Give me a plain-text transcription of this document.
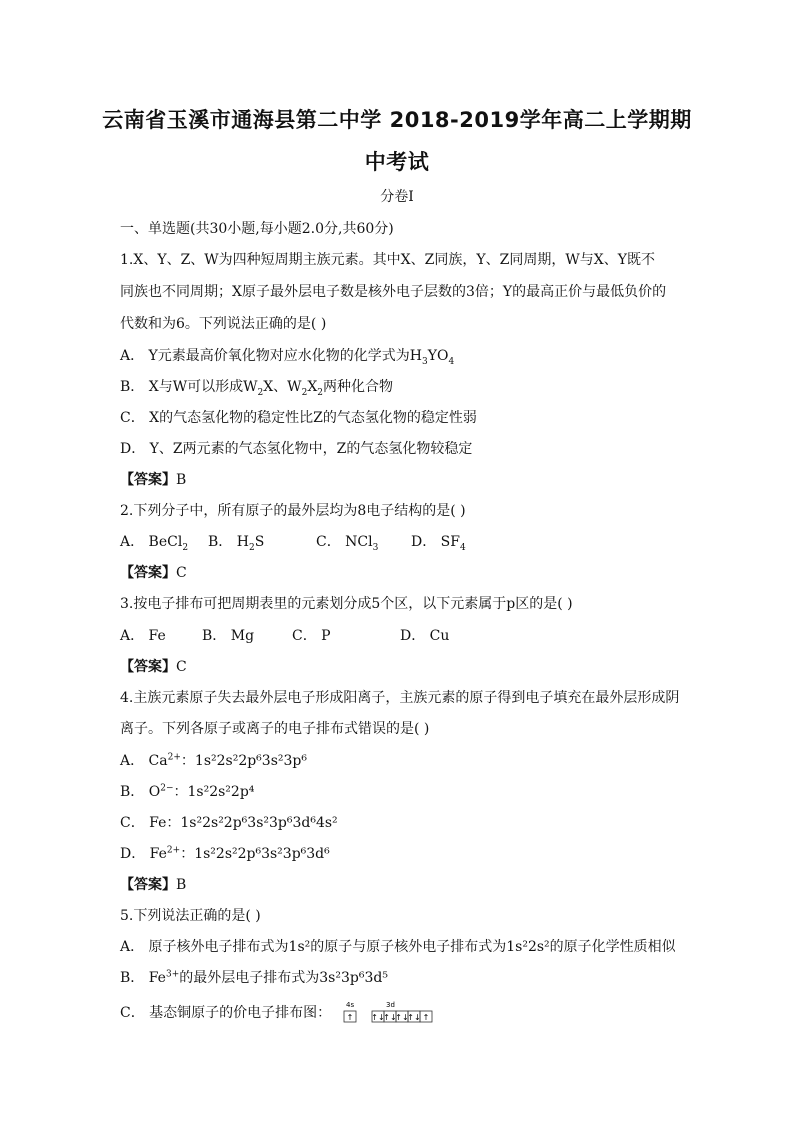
云南省玉溪市通海县第二中学 2018-2019学年高二上学期期
中考试
分卷I
一、单选题(共30小题,每小题2.0分,共60分)
1.X、Y、Z、W为四种短周期主族元素。其中X、Z同族，Y、Z同周期，W与X、Y既不
同族也不同周期；X原子最外层电子数是核外电子层数的3倍；Y的最高正价与最低负价的
代数和为6。下列说法正确的是( )
A． Y元素最高价氧化物对应水化物的化学式为$H_3YO_4$
B． X与W可以形成$W_2X$、$W_2X_2$两种化合物
C． X的气态氢化物的稳定性比Z的气态氢化物的稳定性弱
D． Y、Z两元素的气态氢化物中，Z的气态氢化物较稳定
【答案】B
2.下列分子中，所有原子的最外层均为8电子结构的是( )
A． BeCl$_2$ B． $H_2S$	C． NCl$_3$ D． $SF_4$
【答案】C
3.按电子排布可把周期表里的元素划分成5个区，以下元素属于p区的是( )
A． Fe	B． Mg	C． P	D． Cu
【答案】C
4.主族元素原子失去最外层电子形成阳离子，主族元素的原子得到电子填充在最外层形成阴
离子。下列各原子或离子的电子排布式错误的是( )
A． $Ca^{2+}$：1s²2s²2p⁶3s²3p⁶
B． $O^{2-}$：1s²2s²2p⁴
C． Fe：1s²2s²2p⁶3s²3p⁶3d⁶4s²
D． $Fe^{2+}$：1s²2s²2p⁶3s²3p⁶3d⁶
【答案】B
5.下列说法正确的是( )
A． 原子核外电子排布式为1s²的原子与原子核外电子排布式为1s²2s²的原子化学性质相似
B． $Fe^{3+}$的最外层电子排布式为3s²3p⁶3d⁵
C． 基态铜原子的价电子排布图： 4s	3d
↑ ↑↓
↑↓
↑↓
↑↓ ↑
